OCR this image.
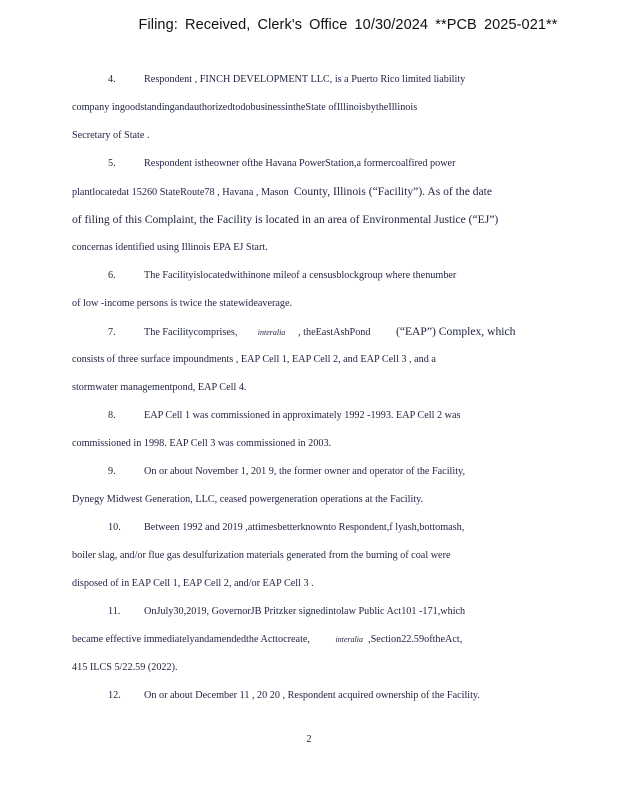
Filing: Received, Clerk's Office 10/30/2024 **PCB 2025-021**
4.	Respondent , FINCH DEVELOPMENT LLC, is a Puerto Rico limited liability
company ingoodstandingandauthorizedtodobusinessintheState ofIllinoisbytheIllinois
Secretary of State .
5.	Respondent istheowner ofthe Havana PowerStation,a formercoalfired power
plantlocatedat 15260 StateRoute78 , Havana , Mason County, Illinois (“Facility”). As of the date
of filing of this Complaint, the Facility is located in an area of Environmental Justice (“EJ”)
concernas identified using Illinois EPA EJ Start.
6.	The Facilityislocatedwithinone mileof a censusblockgroup where thenumber
of low -income persons is twice the statewideaverage.
7.	The Facilitycomprises,	interalia , theEastAshPond (“EAP”) Complex, which
consists of three surface impoundments , EAP Cell 1, EAP Cell 2, and EAP Cell 3 , and a
stormwater managementpond, EAP Cell 4.
8.	EAP Cell 1 was commissioned in approximately 1992 -1993. EAP Cell 2 was
commissioned in 1998. EAP Cell 3 was commissioned in 2003.
9.	On or about November 1, 201 9, the former owner and operator of the Facility,
Dynegy Midwest Generation, LLC, ceased powergeneration operations at the Facility.
10. Between 1992 and 2019 ,attimesbetterknownto Respondent,f lyash,bottomash,
boiler slag, and/or flue gas desulfurization materials generated from the burning of coal were
disposed of in EAP Cell 1, EAP Cell 2, and/or EAP Cell 3 .
11. OnJuly30,2019, GovernorJB Pritzker signedintolaw Public Act101 -171,which
became effective immediatelyandamendedthe Acttocreate,	interalia ,Section22.59oftheAct,
415 ILCS 5/22.59 (2022).
12. On or about December 11 , 20 20 , Respondent acquired ownership of the Facility.
2
